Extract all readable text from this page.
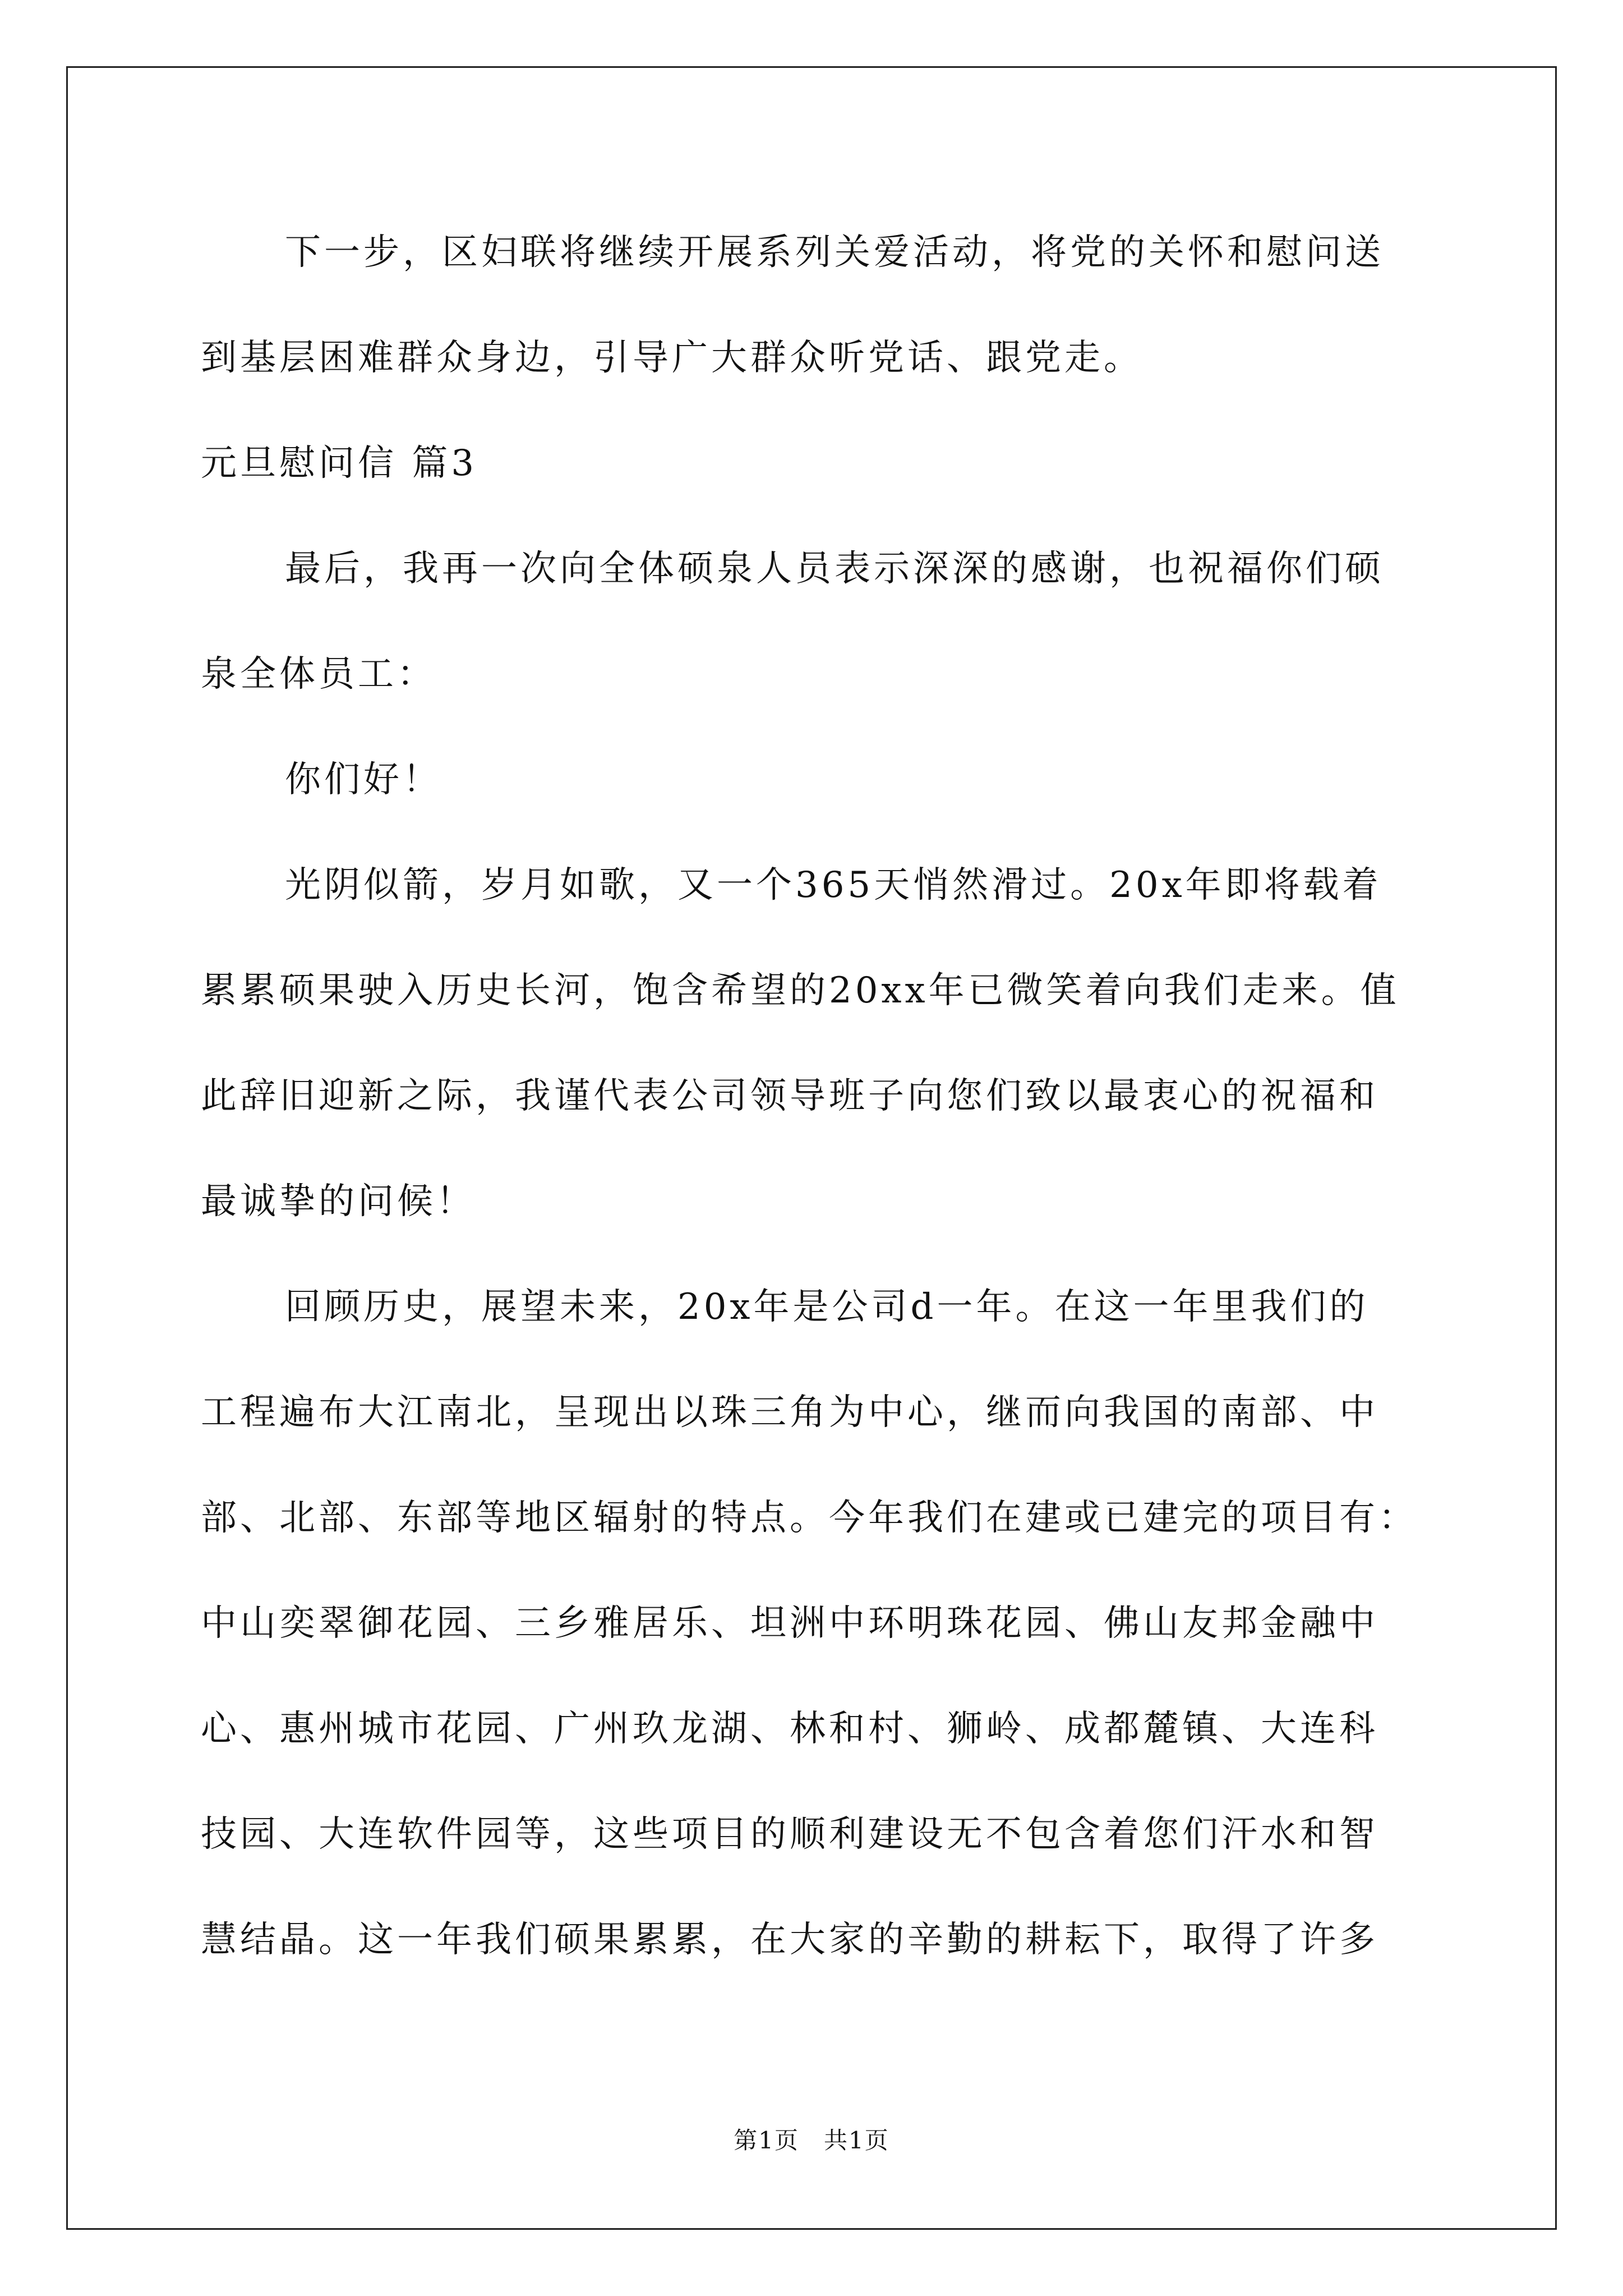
下一步，区妇联将继续开展系列关爱活动，将党的关怀和慰问送
到基层困难群众身边，引导广大群众听党话、跟党走。
元旦慰问信 篇3
最后，我再一次向全体硕泉人员表示深深的感谢，也祝福你们硕
泉全体员工：
你们好！
光阴似箭，岁月如歌，又一个365天悄然滑过。20x年即将载着
累累硕果驶入历史长河，饱含希望的20xx年已微笑着向我们走来。值
此辞旧迎新之际，我谨代表公司领导班子向您们致以最衷心的祝福和
最诚挚的问候！
回顾历史，展望未来，20x年是公司d一年。在这一年里我们的
工程遍布大江南北，呈现出以珠三角为中心，继而向我国的南部、中
部、北部、东部等地区辐射的特点。今年我们在建或已建完的项目有：
中山奕翠御花园、三乡雅居乐、坦洲中环明珠花园、佛山友邦金融中
心、惠州城市花园、广州玖龙湖、林和村、狮岭、成都麓镇、大连科
技园、大连软件园等，这些项目的顺利建设无不包含着您们汗水和智
慧结晶。这一年我们硕果累累，在大家的辛勤的耕耘下，取得了许多
第1页　共1页
